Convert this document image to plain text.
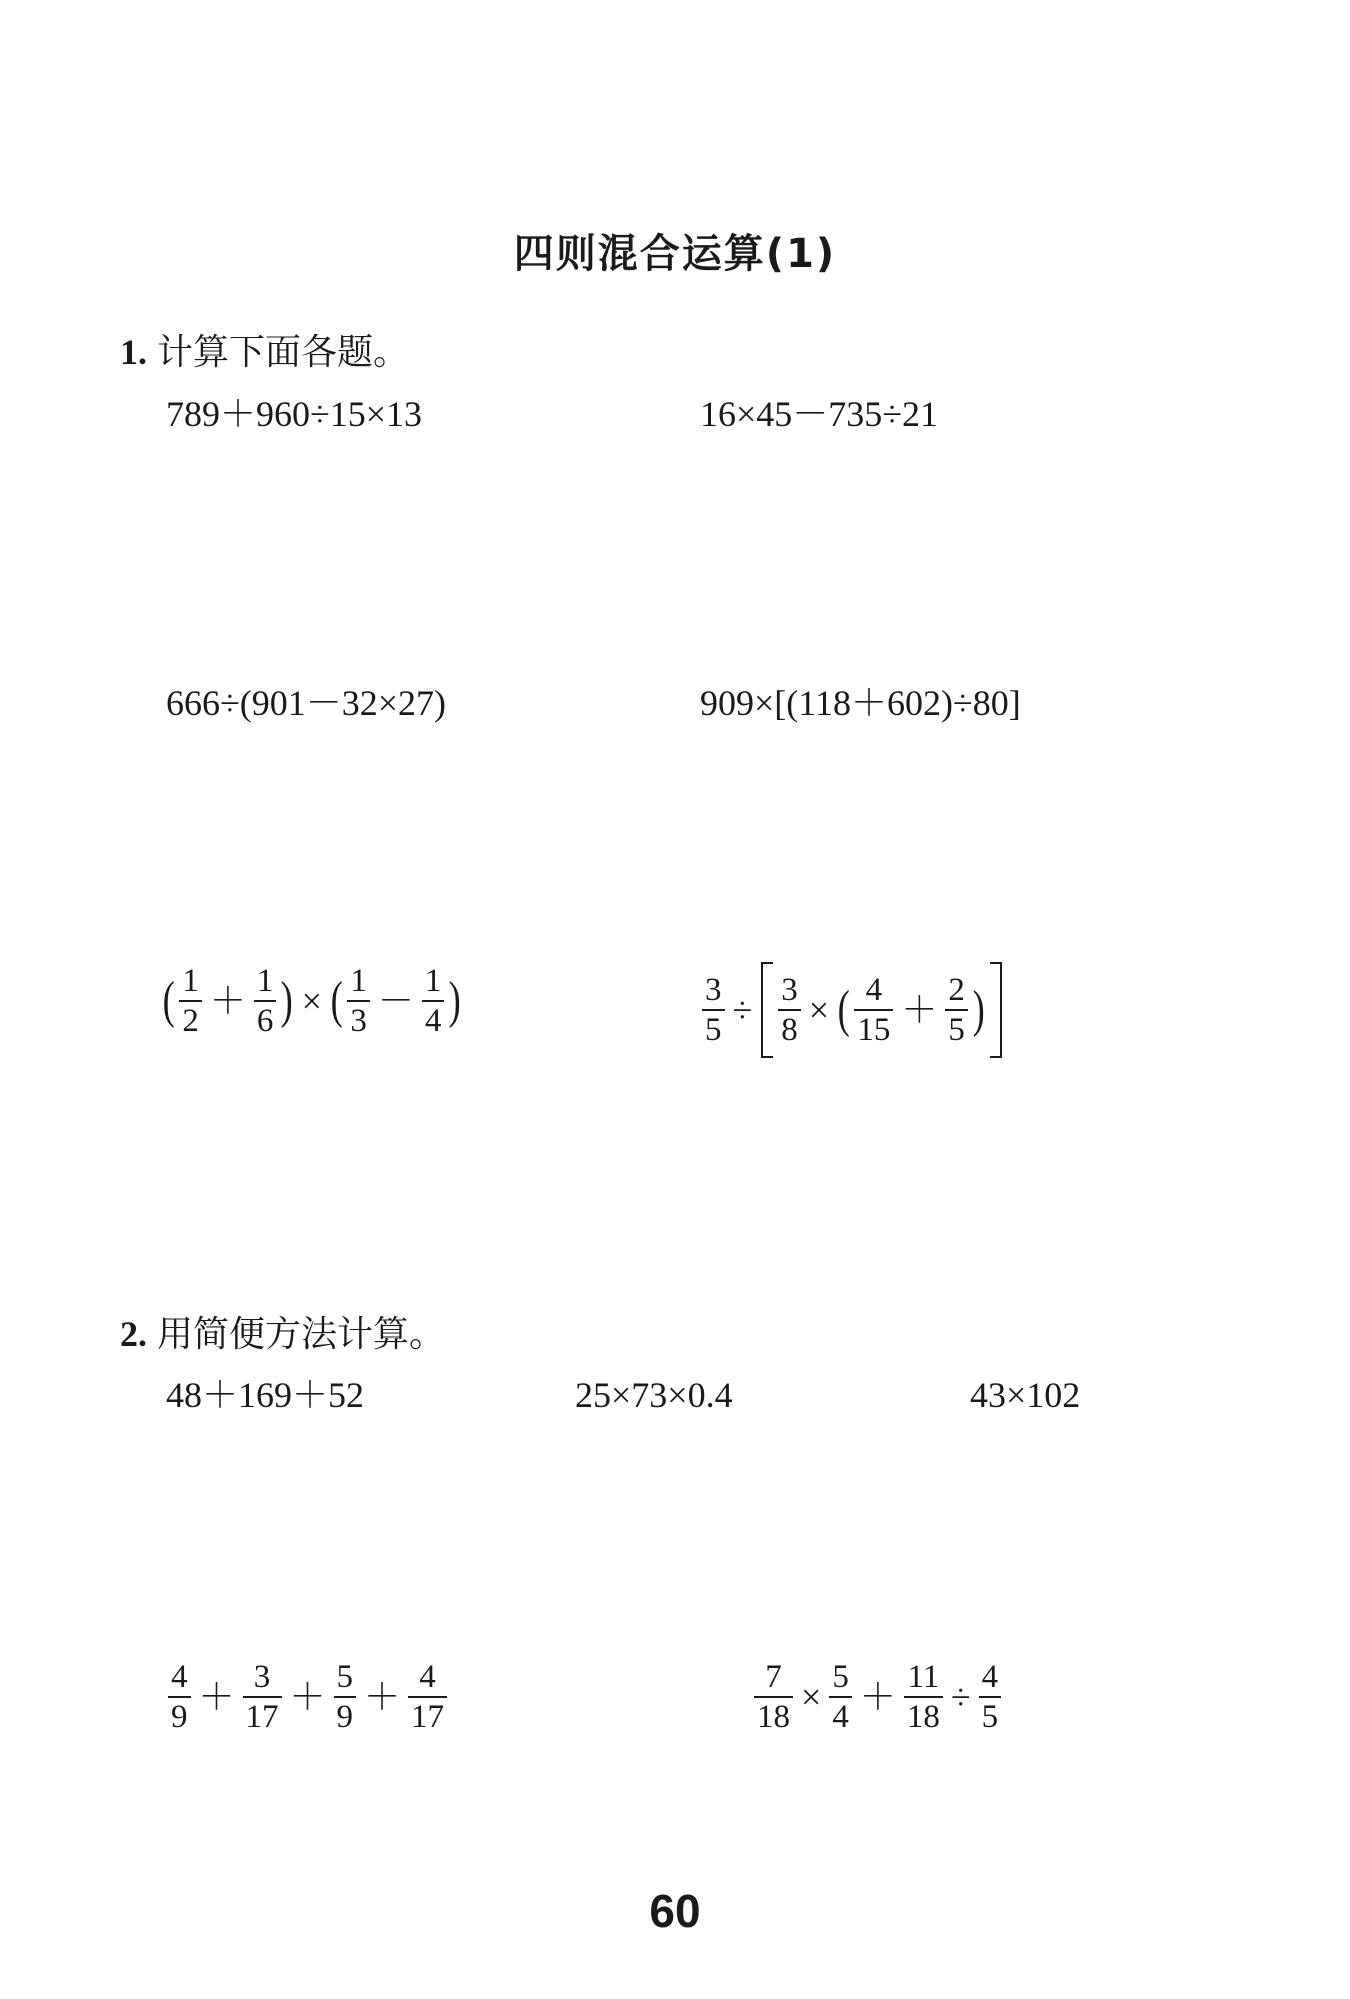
四则混合运算(1)
1. 计算下面各题。
789＋960÷15×13	16×45－735÷21
666÷(901－32×27)	909×[(118＋602)÷80]
( $\frac{1}{2} + \frac{1}{6}$ ) × ( $\frac{1}{3} - \frac{1}{4}$ )	$\frac{3}{5} \div \frac{3}{8}$ × ( $\frac{4}{15} + \frac{2}{5}$ )
2. 用简便方法计算。
48＋169＋52	25×73×0.4	43×102
$\frac{4}{9} + \frac{3}{17} + \frac{5}{9} + \frac{4}{17}$	$\frac{7}{18} \times \frac{5}{4} + \frac{11}{18} \div \frac{4}{5}$
60
